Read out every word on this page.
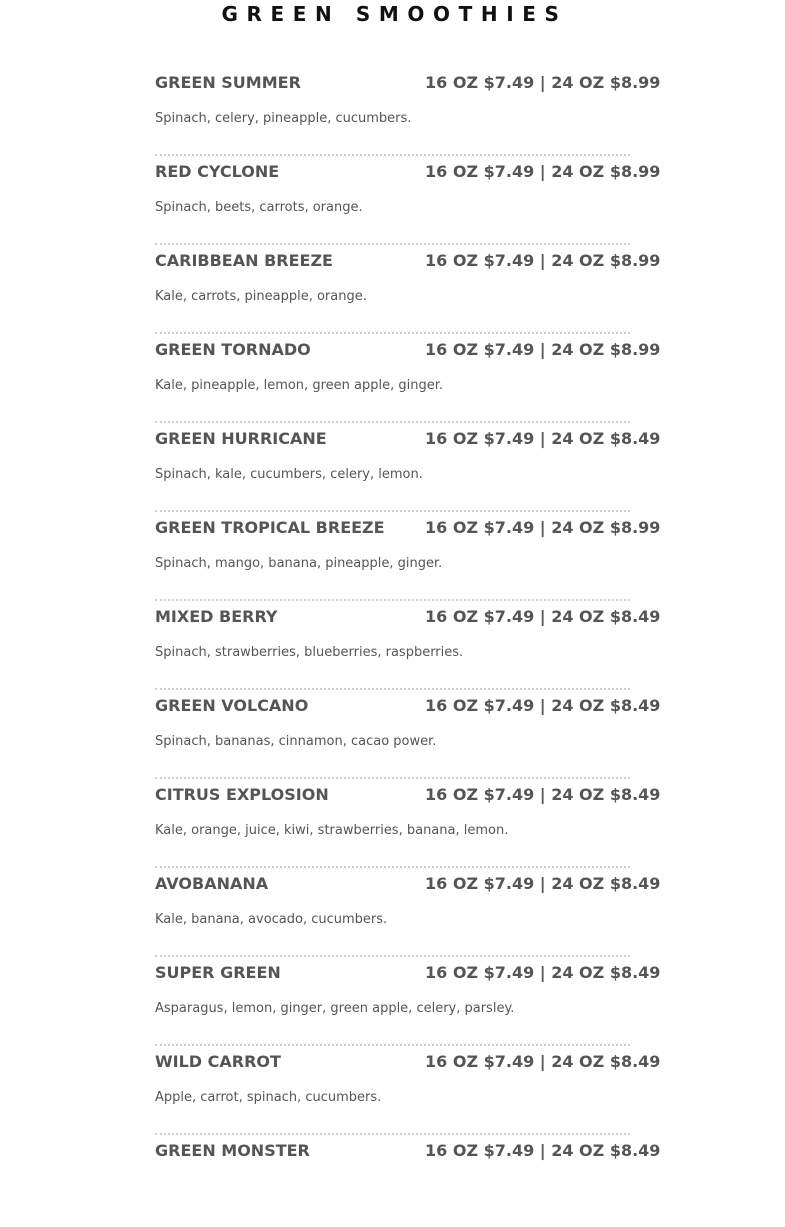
GREEN SMOOTHIES
GREEN SUMMER	16 OZ $7.49 | 24 OZ $8.99
Spinach, celery, pineapple, cucumbers.
RED CYCLONE	16 OZ $7.49 | 24 OZ $8.99
Spinach, beets, carrots, orange.
CARIBBEAN BREEZE	16 OZ $7.49 | 24 OZ $8.99
Kale, carrots, pineapple, orange.
GREEN TORNADO	16 OZ $7.49 | 24 OZ $8.99
Kale, pineapple, lemon, green apple, ginger.
GREEN HURRICANE	16 OZ $7.49 | 24 OZ $8.49
Spinach, kale, cucumbers, celery, lemon.
GREEN TROPICAL BREEZE	16 OZ $7.49 | 24 OZ $8.99
Spinach, mango, banana, pineapple, ginger.
MIXED BERRY	16 OZ $7.49 | 24 OZ $8.49
Spinach, strawberries, blueberries, raspberries.
GREEN VOLCANO	16 OZ $7.49 | 24 OZ $8.49
Spinach, bananas, cinnamon, cacao power.
CITRUS EXPLOSION	16 OZ $7.49 | 24 OZ $8.49
Kale, orange, juice, kiwi, strawberries, banana, lemon.
AVOBANANA	16 OZ $7.49 | 24 OZ $8.49
Kale, banana, avocado, cucumbers.
SUPER GREEN	16 OZ $7.49 | 24 OZ $8.49
Asparagus, lemon, ginger, green apple, celery, parsley.
WILD CARROT	16 OZ $7.49 | 24 OZ $8.49
Apple, carrot, spinach, cucumbers.
GREEN MONSTER	16 OZ $7.49 | 24 OZ $8.49
